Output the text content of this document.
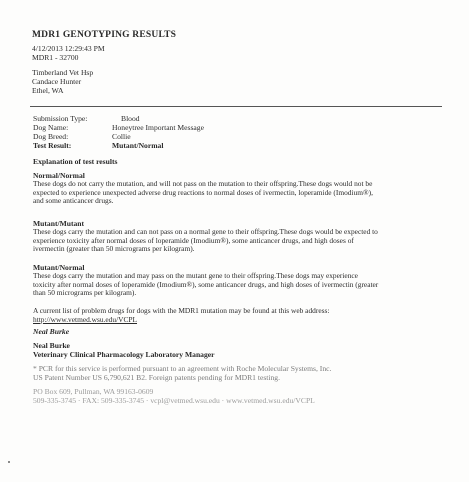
MDR1 GENOTYPING RESULTS
4/12/2013 12:29:43 PM
MDR1 - 32700
Timberland Vet Hsp
Candace Hunter
Ethel, WA
Submission Type:	Blood
Dog Name:	Honeytree Important Message
Dog Breed:	Collie
Test Result:	Mutant/Normal
Explanation of test results
Normal/Normal
These dogs do not carry the mutation, and will not pass on the mutation to their offspring.These dogs would not be
expected to experience unexpected adverse drug reactions to normal doses of ivermectin, loperamide (Imodium®),
and some anticancer drugs.
Mutant/Mutant
These dogs carry the mutation and can not pass on a normal gene to their offspring.These dogs would be expected to
experience toxicity after normal doses of loperamide (Imodium®), some anticancer drugs, and high doses of
ivermectin (greater than 50 micrograms per kilogram).
Mutant/Normal
These dogs carry the mutation and may pass on the mutant gene to their offspring.These dogs may experience
toxicity after normal doses of loperamide (Imodium®), some anticancer drugs, and high doses of ivermectin (greater
than 50 micrograms per kilogram).
A current list of problem drugs for dogs with the MDR1 mutation may be found at this web address:
http://www.vetmed.wsu.edu/VCPL
Neal Burke
Neal Burke
Veterinary Clinical Pharmacology Laboratory Manager
* PCR for this service is performed pursuant to an agreement with Roche Molecular Systems, Inc.
US Patent Number US 6,790,621 B2. Foreign patents pending for MDR1 testing.
PO Box 609, Pullman, WA 99163-0609
509-335-3745 · FAX: 509-335-3745 · vcpl@vetmed.wsu.edu · www.vetmed.wsu.edu/VCPL
